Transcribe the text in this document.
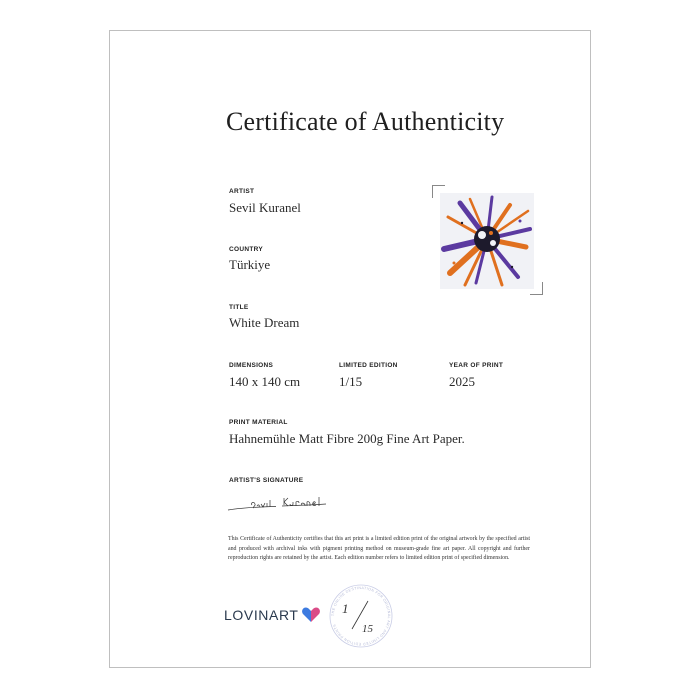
Certificate of Authenticity
ARTIST
Sevil Kuranel
COUNTRY
Türkiye
TITLE
White Dream
DIMENSIONS
140 x 140 cm
LIMITED EDITION
1/15
YEAR OF PRINT
2025
PRINT MATERIAL
Hahnemühle Matt Fibre 200g Fine Art Paper.
ARTIST'S SIGNATURE
This Certificate of Authenticity certifies that this art print is a limited edition print of the original artwork by the specified artist and produced with archival inks with pigment printing method on museum-grade fine art paper. All copyright and further reproduction rights are retained by the artist. Each edition number refers to limited edition print of specified dimension.
LOVINART	THE ONLINE DESTINATION FOR ORIGINAL ART AND LIMITED EDITION PRINTS
1
15
